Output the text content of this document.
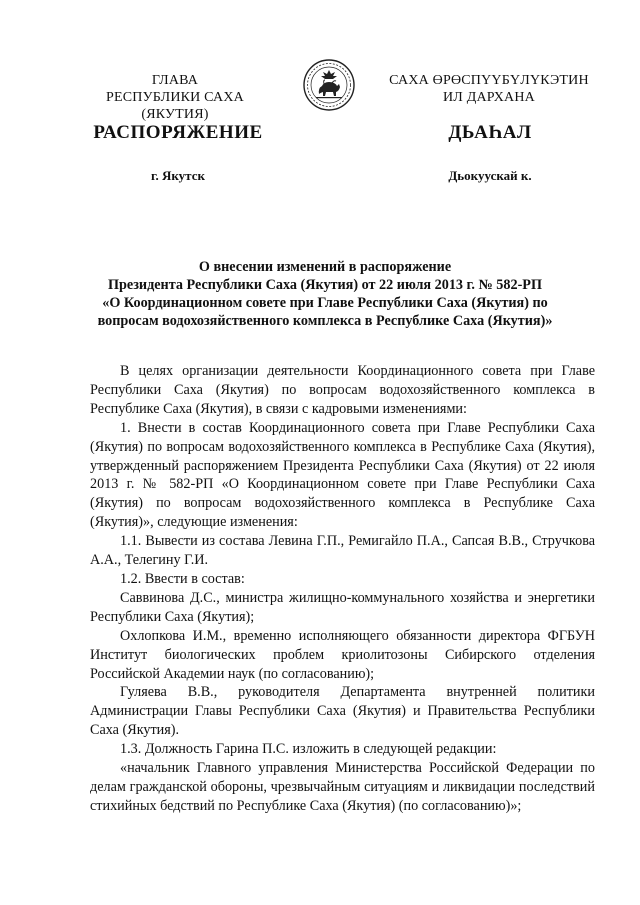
ГЛАВА
РЕСПУБЛИКИ САХА (ЯКУТИЯ)
САХА ӨРӨСПҮҮБҮЛҮКЭТИН
ИЛ ДАРХАНА
РАСПОРЯЖЕНИЕ	ДЬАҺАЛ
г. Якутск	Дьокуускай к.
О внесении изменений в распоряжение
Президента Республики Саха (Якутия) от 22 июля 2013 г. № 582-РП
«О Координационном совете при Главе Республики Саха (Якутия) по
вопросам водохозяйственного комплекса в Республике Саха (Якутия)»

В целях организации деятельности Координационного совета при Главе Республики Саха (Якутия) по вопросам водохозяйственного комплекса в Республике Саха (Якутия), в связи с кадровыми изменениями:

1. Внести в состав Координационного совета при Главе Республики Саха (Якутия) по вопросам водохозяйственного комплекса в Республике Саха (Якутия), утвержденный распоряжением Президента Республики Саха (Якутия) от 22 июля 2013 г. № 582-РП «О Координационном совете при Главе Республики Саха (Якутия) по вопросам водохозяйственного комплекса в Республике Саха (Якутия)», следующие изменения:

1.1. Вывести из состава Левина Г.П., Ремигайло П.А., Сапсая В.В., Стручкова А.А., Телегину Г.И.

1.2. Ввести в состав:

Саввинова Д.С., министра жилищно-коммунального хозяйства и энергетики Республики Саха (Якутия);

Охлопкова И.М., временно исполняющего обязанности директора ФГБУН Институт биологических проблем криолитозоны Сибирского отделения Российской Академии наук (по согласованию);

Гуляева В.В., руководителя Департамента внутренней политики Администрации Главы Республики Саха (Якутия) и Правительства Республики Саха (Якутия).

1.3. Должность Гарина П.С. изложить в следующей редакции:

«начальник Главного управления Министерства Российской Федерации по делам гражданской обороны, чрезвычайным ситуациям и ликвидации последствий стихийных бедствий по Республике Саха (Якутия) (по согласованию)»;
